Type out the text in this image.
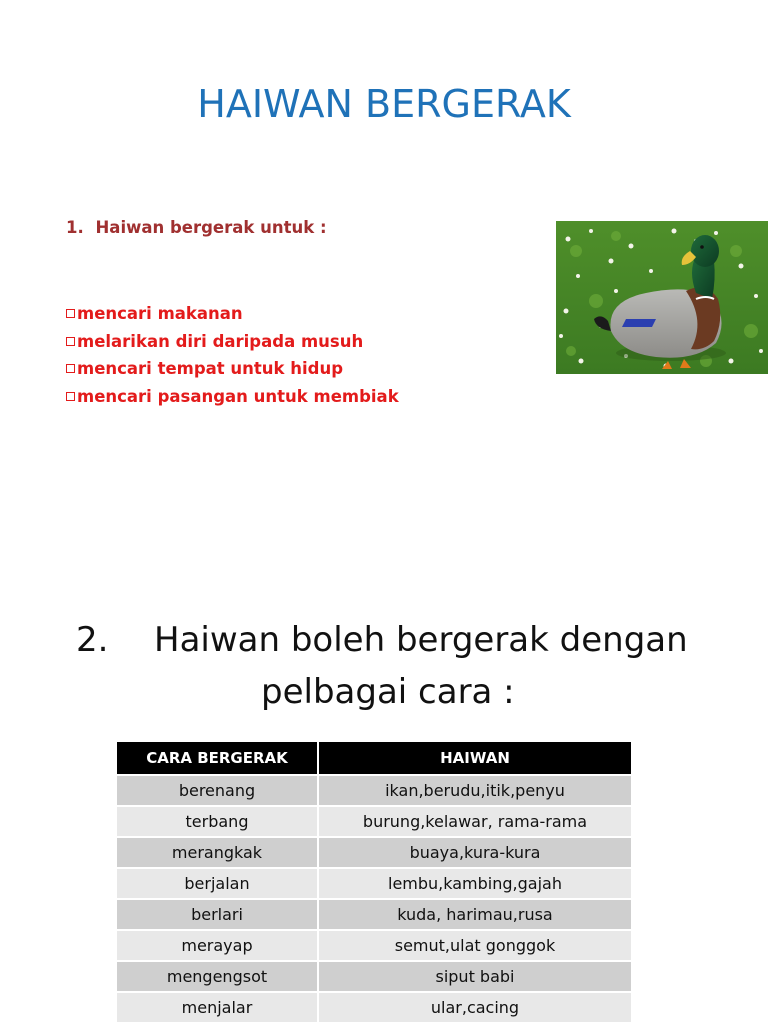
HAIWAN BERGERAK
1. Haiwan bergerak untuk :
mencari makanan
melarikan diri daripada musuh
mencari tempat untuk hidup
mencari pasangan untuk membiak
2. Haiwan boleh bergerak dengan
pelbagai cara :
CARA BERGERAK	HAIWAN
berenang	ikan,berudu,itik,penyu
terbang	burung,kelawar, rama-rama
merangkak	buaya,kura-kura
berjalan	lembu,kambing,gajah
berlari	kuda, harimau,rusa
merayap	semut,ulat gonggok
mengengsot	siput babi
menjalar	ular,cacing
